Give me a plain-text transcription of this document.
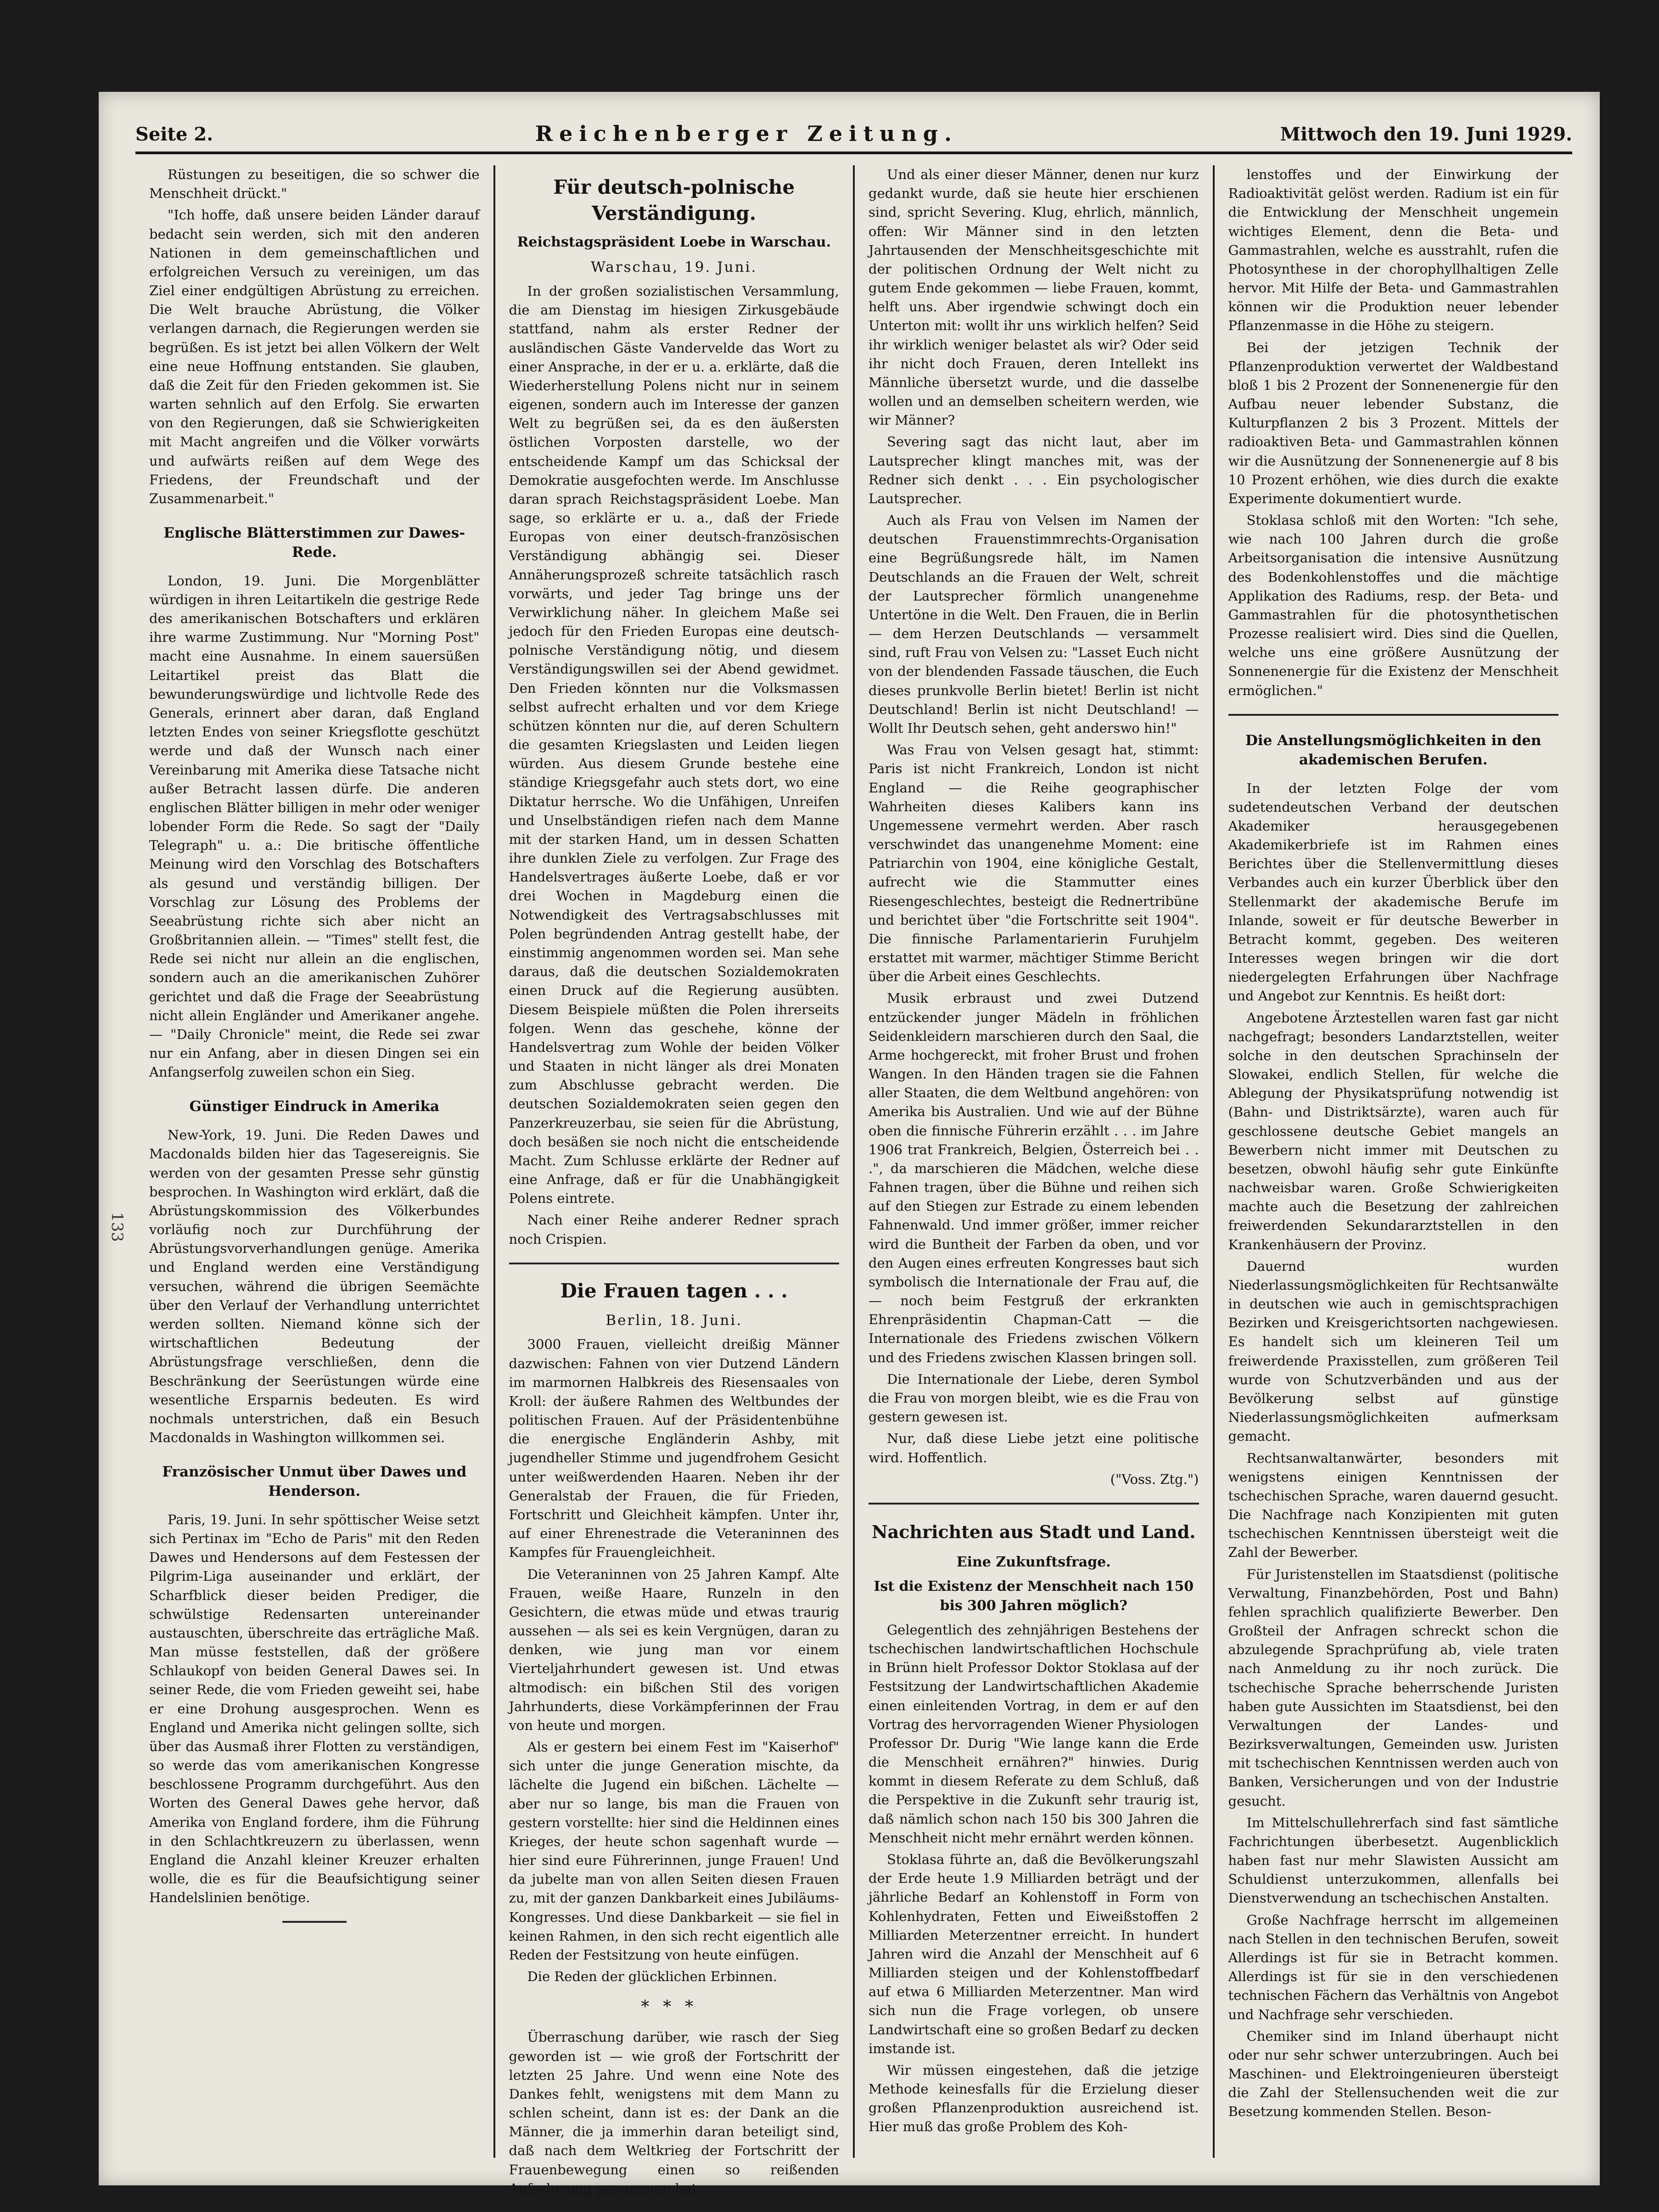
Seite 2.	Reichenberger Zeitung.	Mittwoch den 19. Juni 1929.

Rüstungen zu beseitigen, die so schwer die Menschheit drückt."

"Ich hoffe, daß unsere beiden Länder darauf bedacht sein werden, sich mit den anderen Nationen in dem gemeinschaftlichen und erfolgreichen Versuch zu vereinigen, um das Ziel einer endgültigen Abrüstung zu erreichen. Die Welt brauche Abrüstung, die Völker verlangen darnach, die Regierungen werden sie begrüßen. Es ist jetzt bei allen Völkern der Welt eine neue Hoffnung entstanden. Sie glauben, daß die Zeit für den Frieden gekommen ist. Sie warten sehnlich auf den Erfolg. Sie erwarten von den Regierungen, daß sie Schwierigkeiten mit Macht angreifen und die Völker vorwärts und aufwärts reißen auf dem Wege des Friedens, der Freundschaft und der Zusammenarbeit."

Englische Blätterstimmen zur Dawes-Rede.

London, 19. Juni. Die Morgenblätter würdigen in ihren Leitartikeln die gestrige Rede des amerikanischen Botschafters und erklären ihre warme Zustimmung. Nur "Morning Post" macht eine Ausnahme. In einem sauersüßen Leitartikel preist das Blatt die bewunderungswürdige und lichtvolle Rede des Generals, erinnert aber daran, daß England letzten Endes von seiner Kriegsflotte geschützt werde und daß der Wunsch nach einer Vereinbarung mit Amerika diese Tatsache nicht außer Betracht lassen dürfe. Die anderen englischen Blätter billigen in mehr oder weniger lobender Form die Rede. So sagt der "Daily Telegraph" u. a.: Die britische öffentliche Meinung wird den Vorschlag des Botschafters als gesund und verständig billigen. Der Vorschlag zur Lösung des Problems der Seeabrüstung richte sich aber nicht an Großbritannien allein. — "Times" stellt fest, die Rede sei nicht nur allein an die englischen, sondern auch an die amerikanischen Zuhörer gerichtet und daß die Frage der Seeabrüstung nicht allein Engländer und Amerikaner angehe. — "Daily Chronicle" meint, die Rede sei zwar nur ein Anfang, aber in diesen Dingen sei ein Anfangserfolg zuweilen schon ein Sieg.

Günstiger Eindruck in Amerika

New-York, 19. Juni. Die Reden Dawes und Macdonalds bilden hier das Tagesereignis. Sie werden von der gesamten Presse sehr günstig besprochen. In Washington wird erklärt, daß die Abrüstungskommission des Völkerbundes vorläufig noch zur Durchführung der Abrüstungsvorverhandlungen genüge. Amerika und England werden eine Verständigung versuchen, während die übrigen Seemächte über den Verlauf der Verhandlung unterrichtet werden sollten. Niemand könne sich der wirtschaftlichen Bedeutung der Abrüstungsfrage verschließen, denn die Beschränkung der Seerüstungen würde eine wesentliche Ersparnis bedeuten. Es wird nochmals unterstrichen, daß ein Besuch Macdonalds in Washington willkommen sei.

Französischer Unmut über Dawes und Henderson.

Paris, 19. Juni. In sehr spöttischer Weise setzt sich Pertinax im "Echo de Paris" mit den Reden Dawes und Hendersons auf dem Festessen der Pilgrim-Liga auseinander und erklärt, der Scharfblick dieser beiden Prediger, die schwülstige Redensarten untereinander austauschten, überschreite das erträgliche Maß. Man müsse feststellen, daß der größere Schlaukopf von beiden General Dawes sei. In seiner Rede, die vom Frieden geweiht sei, habe er eine Drohung ausgesprochen. Wenn es England und Amerika nicht gelingen sollte, sich über das Ausmaß ihrer Flotten zu verständigen, so werde das vom amerikanischen Kongresse beschlossene Programm durchgeführt. Aus den Worten des General Dawes gehe hervor, daß Amerika von England fordere, ihm die Führung in den Schlachtkreuzern zu überlassen, wenn England die Anzahl kleiner Kreuzer erhalten wolle, die es für die Beaufsichtigung seiner Handelslinien benötige.

Für deutsch-polnische Verständigung.
Reichstagspräsident Loebe in Warschau.
Warschau, 19. Juni.

In der großen sozialistischen Versammlung, die am Dienstag im hiesigen Zirkusgebäude stattfand, nahm als erster Redner der ausländischen Gäste Vandervelde das Wort zu einer Ansprache, in der er u. a. erklärte, daß die Wiederherstellung Polens nicht nur in seinem eigenen, sondern auch im Interesse der ganzen Welt zu begrüßen sei, da es den äußersten östlichen Vorposten darstelle, wo der entscheidende Kampf um das Schicksal der Demokratie ausgefochten werde. Im Anschlusse daran sprach Reichstagspräsident Loebe. Man sage, so erklärte er u. a., daß der Friede Europas von einer deutsch-französischen Verständigung abhängig sei. Dieser Annäherungsprozeß schreite tatsächlich rasch vorwärts, und jeder Tag bringe uns der Verwirklichung näher. In gleichem Maße sei jedoch für den Frieden Europas eine deutsch-polnische Verständigung nötig, und diesem Verständigungswillen sei der Abend gewidmet. Den Frieden könnten nur die Volksmassen selbst aufrecht erhalten und vor dem Kriege schützen könnten nur die, auf deren Schultern die gesamten Kriegslasten und Leiden liegen würden. Aus diesem Grunde bestehe eine ständige Kriegsgefahr auch stets dort, wo eine Diktatur herrsche. Wo die Unfähigen, Unreifen und Unselbständigen riefen nach dem Manne mit der starken Hand, um in dessen Schatten ihre dunklen Ziele zu verfolgen. Zur Frage des Handelsvertrages äußerte Loebe, daß er vor drei Wochen in Magdeburg einen die Notwendigkeit des Vertragsabschlusses mit Polen begründenden Antrag gestellt habe, der einstimmig angenommen worden sei. Man sehe daraus, daß die deutschen Sozialdemokraten einen Druck auf die Regierung ausübten. Diesem Beispiele müßten die Polen ihrerseits folgen. Wenn das geschehe, könne der Handelsvertrag zum Wohle der beiden Völker und Staaten in nicht länger als drei Monaten zum Abschlusse gebracht werden. Die deutschen Sozialdemokraten seien gegen den Panzerkreuzerbau, sie seien für die Abrüstung, doch besäßen sie noch nicht die entscheidende Macht. Zum Schlusse erklärte der Redner auf eine Anfrage, daß er für die Unabhängigkeit Polens eintrete.

Nach einer Reihe anderer Redner sprach noch Crispien.

Die Frauen tagen . . .
Berlin, 18. Juni.

3000 Frauen, vielleicht dreißig Männer dazwischen: Fahnen von vier Dutzend Ländern im marmornen Halbkreis des Riesensaales von Kroll: der äußere Rahmen des Weltbundes der politischen Frauen. Auf der Präsidentenbühne die energische Engländerin Ashby, mit jugendheller Stimme und jugendfrohem Gesicht unter weißwerdenden Haaren. Neben ihr der Generalstab der Frauen, die für Frieden, Fortschritt und Gleichheit kämpfen. Unter ihr, auf einer Ehrenestrade die Veteraninnen des Kampfes für Frauengleichheit.

Die Veteraninnen von 25 Jahren Kampf. Alte Frauen, weiße Haare, Runzeln in den Gesichtern, die etwas müde und etwas traurig aussehen — als sei es kein Vergnügen, daran zu denken, wie jung man vor einem Vierteljahrhundert gewesen ist. Und etwas altmodisch: ein bißchen Stil des vorigen Jahrhunderts, diese Vorkämpferinnen der Frau von heute und morgen.

Als er gestern bei einem Fest im "Kaiserhof" sich unter die junge Generation mischte, da lächelte die Jugend ein bißchen. Lächelte — aber nur so lange, bis man die Frauen von gestern vorstellte: hier sind die Heldinnen eines Krieges, der heute schon sagenhaft wurde — hier sind eure Führerinnen, junge Frauen! Und da jubelte man von allen Seiten diesen Frauen zu, mit der ganzen Dankbarkeit eines Jubiläums-Kongresses. Und diese Dankbarkeit — sie fiel in keinen Rahmen, in den sich recht eigentlich alle Reden der Festsitzung von heute einfügen.

Die Reden der glücklichen Erbinnen.

***

Überraschung darüber, wie rasch der Sieg geworden ist — wie groß der Fortschritt der letzten 25 Jahre. Und wenn eine Note des Dankes fehlt, wenigstens mit dem Mann zu schlen scheint, dann ist es: der Dank an die Männer, die ja immerhin daran beteiligt sind, daß nach dem Weltkrieg der Fortschritt der Frauenbewegung einen so reißenden Aufschwung genommen hat.

Und als einer dieser Männer, denen nur kurz gedankt wurde, daß sie heute hier erschienen sind, spricht Severing. Klug, ehrlich, männlich, offen: Wir Männer sind in den letzten Jahrtausenden der Menschheitsgeschichte mit der politischen Ordnung der Welt nicht zu gutem Ende gekommen — liebe Frauen, kommt, helft uns. Aber irgendwie schwingt doch ein Unterton mit: wollt ihr uns wirklich helfen? Seid ihr wirklich weniger belastet als wir? Oder seid ihr nicht doch Frauen, deren Intellekt ins Männliche übersetzt wurde, und die dasselbe wollen und an demselben scheitern werden, wie wir Männer?

Severing sagt das nicht laut, aber im Lautsprecher klingt manches mit, was der Redner sich denkt . . . Ein psychologischer Lautsprecher.

Auch als Frau von Velsen im Namen der deutschen Frauenstimmrechts-Organisation eine Begrüßungsrede hält, im Namen Deutschlands an die Frauen der Welt, schreit der Lautsprecher förmlich unangenehme Untertöne in die Welt. Den Frauen, die in Berlin — dem Herzen Deutschlands — versammelt sind, ruft Frau von Velsen zu: "Lasset Euch nicht von der blendenden Fassade täuschen, die Euch dieses prunkvolle Berlin bietet! Berlin ist nicht Deutschland! Berlin ist nicht Deutschland! — Wollt Ihr Deutsch sehen, geht anderswo hin!"

Was Frau von Velsen gesagt hat, stimmt: Paris ist nicht Frankreich, London ist nicht England — die Reihe geographischer Wahrheiten dieses Kalibers kann ins Ungemessene vermehrt werden. Aber rasch verschwindet das unangenehme Moment: eine Patriarchin von 1904, eine königliche Gestalt, aufrecht wie die Stammutter eines Riesengeschlechtes, besteigt die Rednertribüne und berichtet über "die Fortschritte seit 1904". Die finnische Parlamentarierin Furuhjelm erstattet mit warmer, mächtiger Stimme Bericht über die Arbeit eines Geschlechts.

Musik erbraust und zwei Dutzend entzückender junger Mädeln in fröhlichen Seidenkleidern marschieren durch den Saal, die Arme hochgereckt, mit froher Brust und frohen Wangen. In den Händen tragen sie die Fahnen aller Staaten, die dem Weltbund angehören: von Amerika bis Australien. Und wie auf der Bühne oben die finnische Führerin erzählt . . . im Jahre 1906 trat Frankreich, Belgien, Österreich bei . . .", da marschieren die Mädchen, welche diese Fahnen tragen, über die Bühne und reihen sich auf den Stiegen zur Estrade zu einem lebenden Fahnenwald. Und immer größer, immer reicher wird die Buntheit der Farben da oben, und vor den Augen eines erfreuten Kongresses baut sich symbolisch die Internationale der Frau auf, die — noch beim Festgruß der erkrankten Ehrenpräsidentin Chapman-Catt — die Internationale des Friedens zwischen Völkern und des Friedens zwischen Klassen bringen soll.

Die Internationale der Liebe, deren Symbol die Frau von morgen bleibt, wie es die Frau von gestern gewesen ist.

Nur, daß diese Liebe jetzt eine politische wird. Hoffentlich.

("Voss. Ztg.")
Nachrichten aus Stadt und Land.
Eine Zukunftsfrage.
Ist die Existenz der Menschheit nach 150 bis 300 Jahren möglich?

Gelegentlich des zehnjährigen Bestehens der tschechischen landwirtschaftlichen Hochschule in Brünn hielt Professor Doktor Stoklasa auf der Festsitzung der Landwirtschaftlichen Akademie einen einleitenden Vortrag, in dem er auf den Vortrag des hervorragenden Wiener Physiologen Professor Dr. Durig "Wie lange kann die Erde die Menschheit ernähren?" hinwies. Durig kommt in diesem Referate zu dem Schluß, daß die Perspektive in die Zukunft sehr traurig ist, daß nämlich schon nach 150 bis 300 Jahren die Menschheit nicht mehr ernährt werden können.

Stoklasa führte an, daß die Bevölkerungszahl der Erde heute 1.9 Milliarden beträgt und der jährliche Bedarf an Kohlenstoff in Form von Kohlenhydraten, Fetten und Eiweißstoffen 2 Milliarden Meterzentner erreicht. In hundert Jahren wird die Anzahl der Menschheit auf 6 Milliarden steigen und der Kohlenstoffbedarf auf etwa 6 Milliarden Meterzentner. Man wird sich nun die Frage vorlegen, ob unsere Landwirtschaft eine so großen Bedarf zu decken imstande ist.

Wir müssen eingestehen, daß die jetzige Methode keinesfalls für die Erzielung dieser großen Pflanzenproduktion ausreichend ist. Hier muß das große Problem des Koh-

lenstoffes und der Einwirkung der Radioaktivität gelöst werden. Radium ist ein für die Entwicklung der Menschheit ungemein wichtiges Element, denn die Beta- und Gammastrahlen, welche es ausstrahlt, rufen die Photosynthese in der chorophyllhaltigen Zelle hervor. Mit Hilfe der Beta- und Gammastrahlen können wir die Produktion neuer lebender Pflanzenmasse in die Höhe zu steigern.

Bei der jetzigen Technik der Pflanzenproduktion verwertet der Waldbestand bloß 1 bis 2 Prozent der Sonnenenergie für den Aufbau neuer lebender Substanz, die Kulturpflanzen 2 bis 3 Prozent. Mittels der radioaktiven Beta- und Gammastrahlen können wir die Ausnützung der Sonnenenergie auf 8 bis 10 Prozent erhöhen, wie dies durch die exakte Experimente dokumentiert wurde.

Stoklasa schloß mit den Worten: "Ich sehe, wie nach 100 Jahren durch die große Arbeitsorganisation die intensive Ausnützung des Bodenkohlenstoffes und die mächtige Applikation des Radiums, resp. der Beta- und Gammastrahlen für die photosynthetischen Prozesse realisiert wird. Dies sind die Quellen, welche uns eine größere Ausnützung der Sonnenenergie für die Existenz der Menschheit ermöglichen."

Die Anstellungsmöglichkeiten in den akademischen Berufen.

In der letzten Folge der vom sudetendeutschen Verband der deutschen Akademiker herausgegebenen Akademikerbriefe ist im Rahmen eines Berichtes über die Stellenvermittlung dieses Verbandes auch ein kurzer Überblick über den Stellenmarkt der akademische Berufe im Inlande, soweit er für deutsche Bewerber in Betracht kommt, gegeben. Des weiteren Interesses wegen bringen wir die dort niedergelegten Erfahrungen über Nachfrage und Angebot zur Kenntnis. Es heißt dort:

Angebotene Ärztestellen waren fast gar nicht nachgefragt; besonders Landarztstellen, weiter solche in den deutschen Sprachinseln der Slowakei, endlich Stellen, für welche die Ablegung der Physikatsprüfung notwendig ist (Bahn- und Distriktsärzte), waren auch für geschlossene deutsche Gebiet mangels an Bewerbern nicht immer mit Deutschen zu besetzen, obwohl häufig sehr gute Einkünfte nachweisbar waren. Große Schwierigkeiten machte auch die Besetzung der zahlreichen freiwerdenden Sekundararztstellen in den Krankenhäusern der Provinz.

Dauernd wurden Niederlassungsmöglichkeiten für Rechtsanwälte in deutschen wie auch in gemischtsprachigen Bezirken und Kreisgerichtsorten nachgewiesen. Es handelt sich um kleineren Teil um freiwerdende Praxisstellen, zum größeren Teil wurde von Schutzverbänden und aus der Bevölkerung selbst auf günstige Niederlassungsmöglichkeiten aufmerksam gemacht.

Rechtsanwaltanwärter, besonders mit wenigstens einigen Kenntnissen der tschechischen Sprache, waren dauernd gesucht. Die Nachfrage nach Konzipienten mit guten tschechischen Kenntnissen übersteigt weit die Zahl der Bewerber.

Für Juristenstellen im Staatsdienst (politische Verwaltung, Finanzbehörden, Post und Bahn) fehlen sprachlich qualifizierte Bewerber. Den Großteil der Anfragen schreckt schon die abzulegende Sprachprüfung ab, viele traten nach Anmeldung zu ihr noch zurück. Die tschechische Sprache beherrschende Juristen haben gute Aussichten im Staatsdienst, bei den Verwaltungen der Landes- und Bezirksverwaltungen, Gemeinden usw. Juristen mit tschechischen Kenntnissen werden auch von Banken, Versicherungen und von der Industrie gesucht.

Im Mittelschullehrerfach sind fast sämtliche Fachrichtungen überbesetzt. Augenblicklich haben fast nur mehr Slawisten Aussicht am Schuldienst unterzukommen, allenfalls bei Dienstverwendung an tschechischen Anstalten.

Große Nachfrage herrscht im allgemeinen nach Stellen in den technischen Berufen, soweit Allerdings ist für sie in Betracht kommen. Allerdings ist für sie in den verschiedenen technischen Fächern das Verhältnis von Angebot und Nachfrage sehr verschieden.

Chemiker sind im Inland überhaupt nicht oder nur sehr schwer unterzubringen. Auch bei Maschinen- und Elektroingenieuren übersteigt die Zahl der Stellensuchenden weit die zur Besetzung kommenden Stellen. Beson-

133
